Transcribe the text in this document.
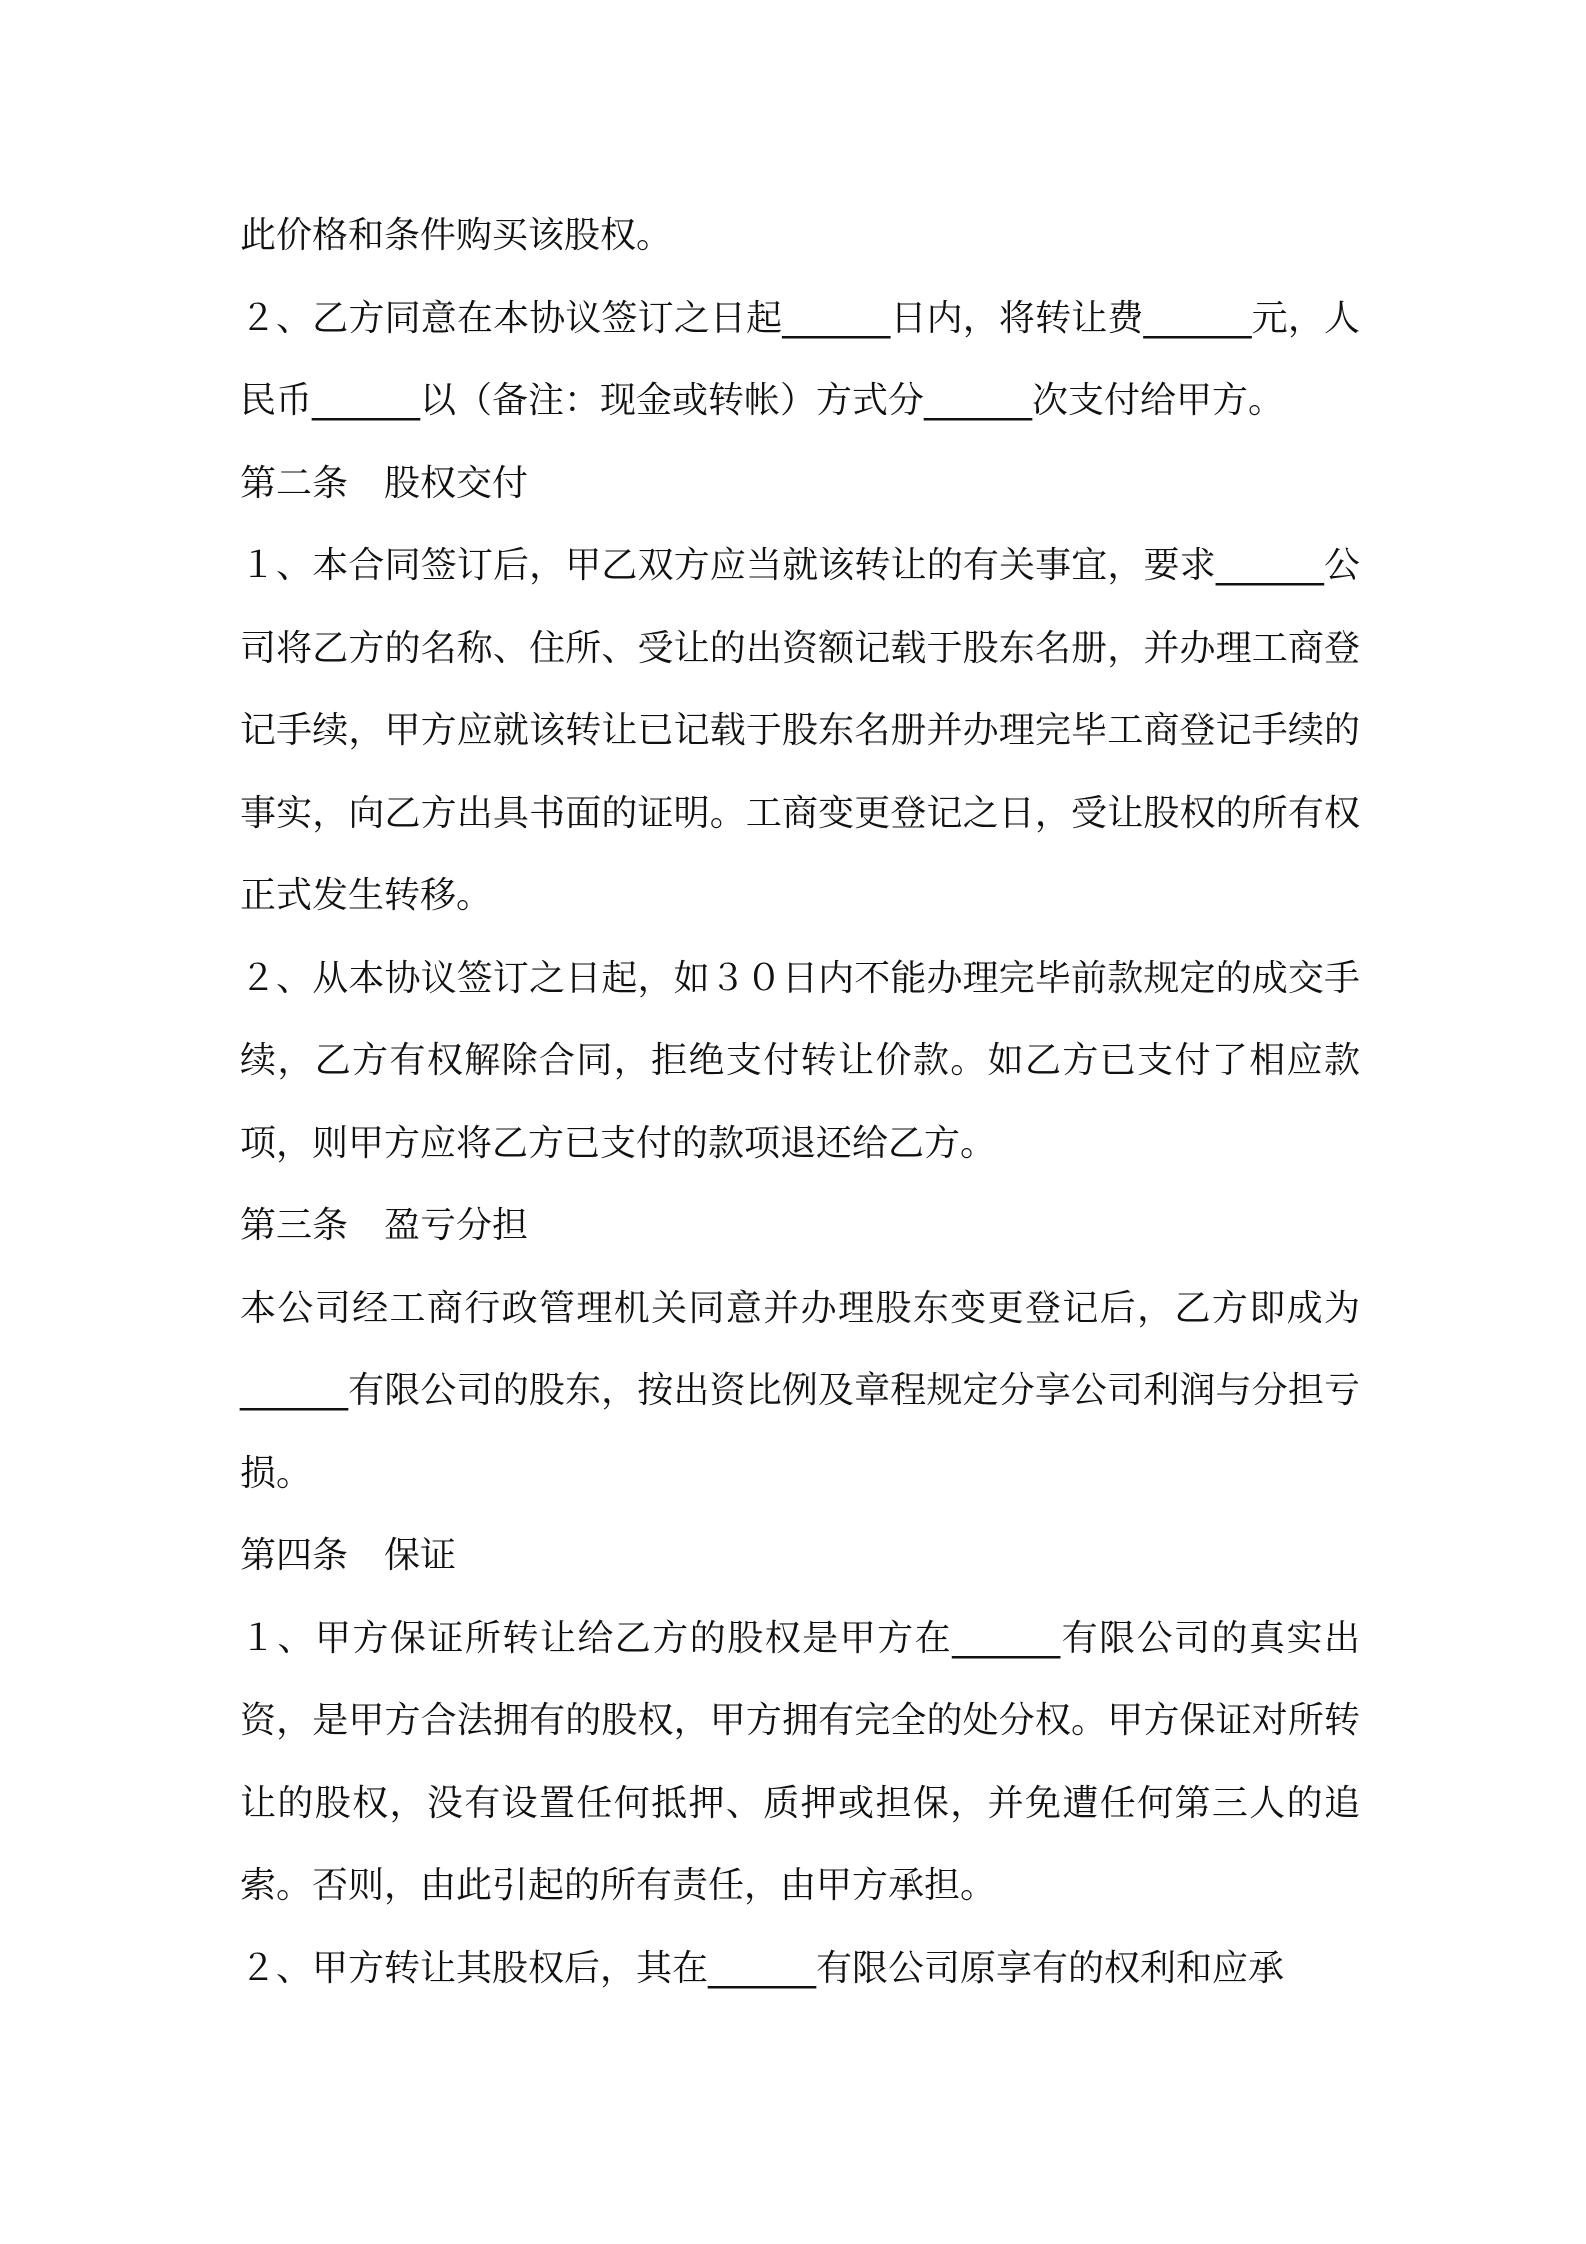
此价格和条件购买该股权。

２、乙方同意在本协议签订之日起______日内，将转让费______元，人民币______以（备注：现金或转帐）方式分______次支付给甲方。

第二条 股权交付

１、本合同签订后，甲乙双方应当就该转让的有关事宜，要求______公司将乙方的名称、住所、受让的出资额记载于股东名册，并办理工商登记手续，甲方应就该转让已记载于股东名册并办理完毕工商登记手续的事实，向乙方出具书面的证明。工商变更登记之日，受让股权的所有权正式发生转移。

２、从本协议签订之日起，如３０日内不能办理完毕前款规定的成交手续，乙方有权解除合同，拒绝支付转让价款。如乙方已支付了相应款项，则甲方应将乙方已支付的款项退还给乙方。

第三条 盈亏分担

本公司经工商行政管理机关同意并办理股东变更登记后，乙方即成为______有限公司的股东，按出资比例及章程规定分享公司利润与分担亏损。

第四条 保证

１、甲方保证所转让给乙方的股权是甲方在______有限公司的真实出资，是甲方合法拥有的股权，甲方拥有完全的处分权。甲方保证对所转让的股权，没有设置任何抵押、质押或担保，并免遭任何第三人的追索。否则，由此引起的所有责任，由甲方承担。

２、甲方转让其股权后，其在______有限公司原享有的权利和应承
